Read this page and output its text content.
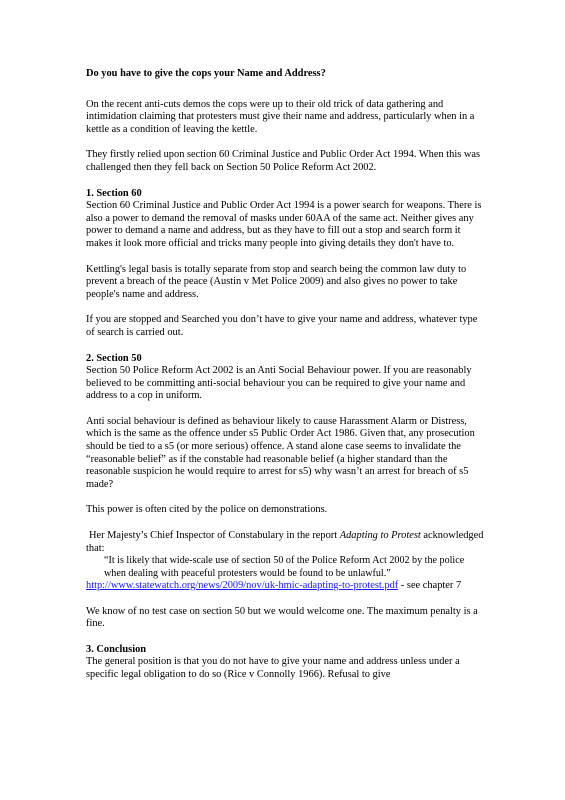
Do you have to give the cops your Name and Address?

On the recent anti-cuts demos the cops were up to their old trick of data gathering and intimidation claiming that protesters must give their name and address, particularly when in a kettle as a condition of leaving the kettle.

They firstly relied upon section 60 Criminal Justice and Public Order Act 1994. When this was challenged then they fell back on Section 50 Police Reform Act 2002.

1. Section 60
Section 60 Criminal Justice and Public Order Act 1994 is a power search for weapons. There is also a power to demand the removal of masks under 60AA of the same act. Neither gives any power to demand a name and address, but as they have to fill out a stop and search form it makes it look more official and tricks many people into giving details they don't have to.

Kettling's legal basis is totally separate from stop and search being the common law duty to prevent a breach of the peace (Austin v Met Police 2009) and also gives no power to take people's name and address.

If you are stopped and Searched you don’t have to give your name and address, whatever type of search is carried out.

2. Section 50
Section 50 Police Reform Act 2002 is an Anti Social Behaviour power. If you are reasonably believed to be committing anti-social behaviour you can be required to give your name and address to a cop in uniform.

Anti social behaviour is defined as behaviour likely to cause Harassment Alarm or Distress, which is the same as the offence under s5 Public Order Act 1986. Given that, any prosecution should be tied to a s5 (or more serious) offence. A stand alone case seems to invalidate the “reasonable belief” as if the constable had reasonable belief (a higher standard than the reasonable suspicion he would require to arrest for s5) why wasn’t an arrest for breach of s5 made?

This power is often cited by the police on demonstrations.

Her Majesty’s Chief Inspector of Constabulary in the report Adapting to Protest acknowledged that:
“It is likely that wide-scale use of section 50 of the Police Reform Act 2002 by the police when dealing with peaceful protesters would be found to be unlawful.”
http://www.statewatch.org/news/2009/nov/uk-hmic-adapting-to-protest.pdf - see chapter 7

We know of no test case on section 50 but we would welcome one. The maximum penalty is a fine.

3. Conclusion
The general position is that you do not have to give your name and address unless under a specific legal obligation to do so (Rice v Connolly 1966). Refusal to give
